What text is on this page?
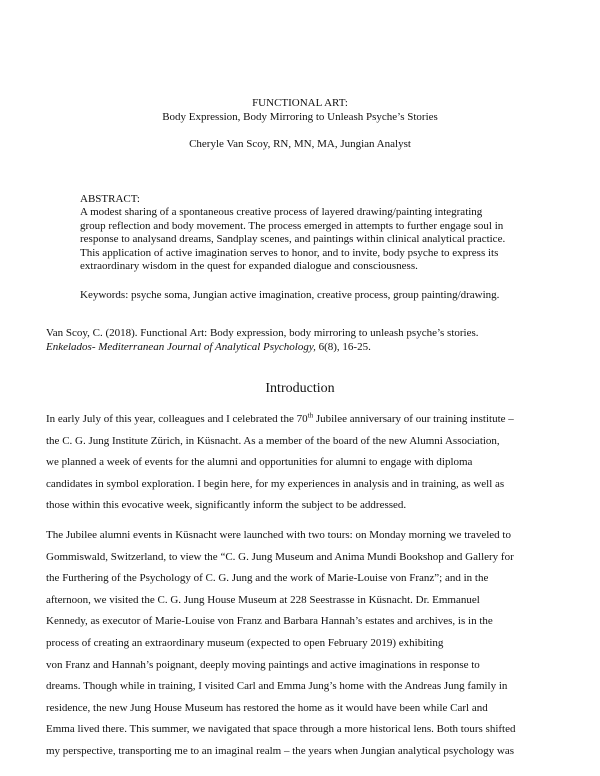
FUNCTIONAL ART:
Body Expression, Body Mirroring to Unleash Psyche’s Stories
Cheryle Van Scoy, RN, MN, MA, Jungian Analyst
ABSTRACT:
A modest sharing of a spontaneous creative process of layered drawing/painting integrating
group reflection and body movement. The process emerged in attempts to further engage soul in
response to analysand dreams, Sandplay scenes, and paintings within clinical analytical practice.
This application of active imagination serves to honor, and to invite, body psyche to express its
extraordinary wisdom in the quest for expanded dialogue and consciousness.
Keywords: psyche soma, Jungian active imagination, creative process, group painting/drawing.
Van Scoy, C. (2018). Functional Art: Body expression, body mirroring to unleash psyche’s stories.
Enkelados- Mediterranean Journal of Analytical Psychology, 6(8), 16-25.
Introduction
In early July of this year, colleagues and I celebrated the 70th Jubilee anniversary of our training institute –
the C. G. Jung Institute Zürich, in Küsnacht. As a member of the board of the new Alumni Association,
we planned a week of events for the alumni and opportunities for alumni to engage with diploma
candidates in symbol exploration. I begin here, for my experiences in analysis and in training, as well as
those within this evocative week, significantly inform the subject to be addressed.
The Jubilee alumni events in Küsnacht were launched with two tours: on Monday morning we traveled to
Gommiswald, Switzerland, to view the “C. G. Jung Museum and Anima Mundi Bookshop and Gallery for
the Furthering of the Psychology of C. G. Jung and the work of Marie-Louise von Franz”; and in the
afternoon, we visited the C. G. Jung House Museum at 228 Seestrasse in Küsnacht. Dr. Emmanuel
Kennedy, as executor of Marie-Louise von Franz and Barbara Hannah’s estates and archives, is in the
process of creating an extraordinary museum (expected to open February 2019) exhibiting
von Franz and Hannah’s poignant, deeply moving paintings and active imaginations in response to
dreams. Though while in training, I visited Carl and Emma Jung’s home with the Andreas Jung family in
residence, the new Jung House Museum has restored the home as it would have been while Carl and
Emma lived there. This summer, we navigated that space through a more historical lens. Both tours shifted
my perspective, transporting me to an imaginal realm – the years when Jungian analytical psychology was
